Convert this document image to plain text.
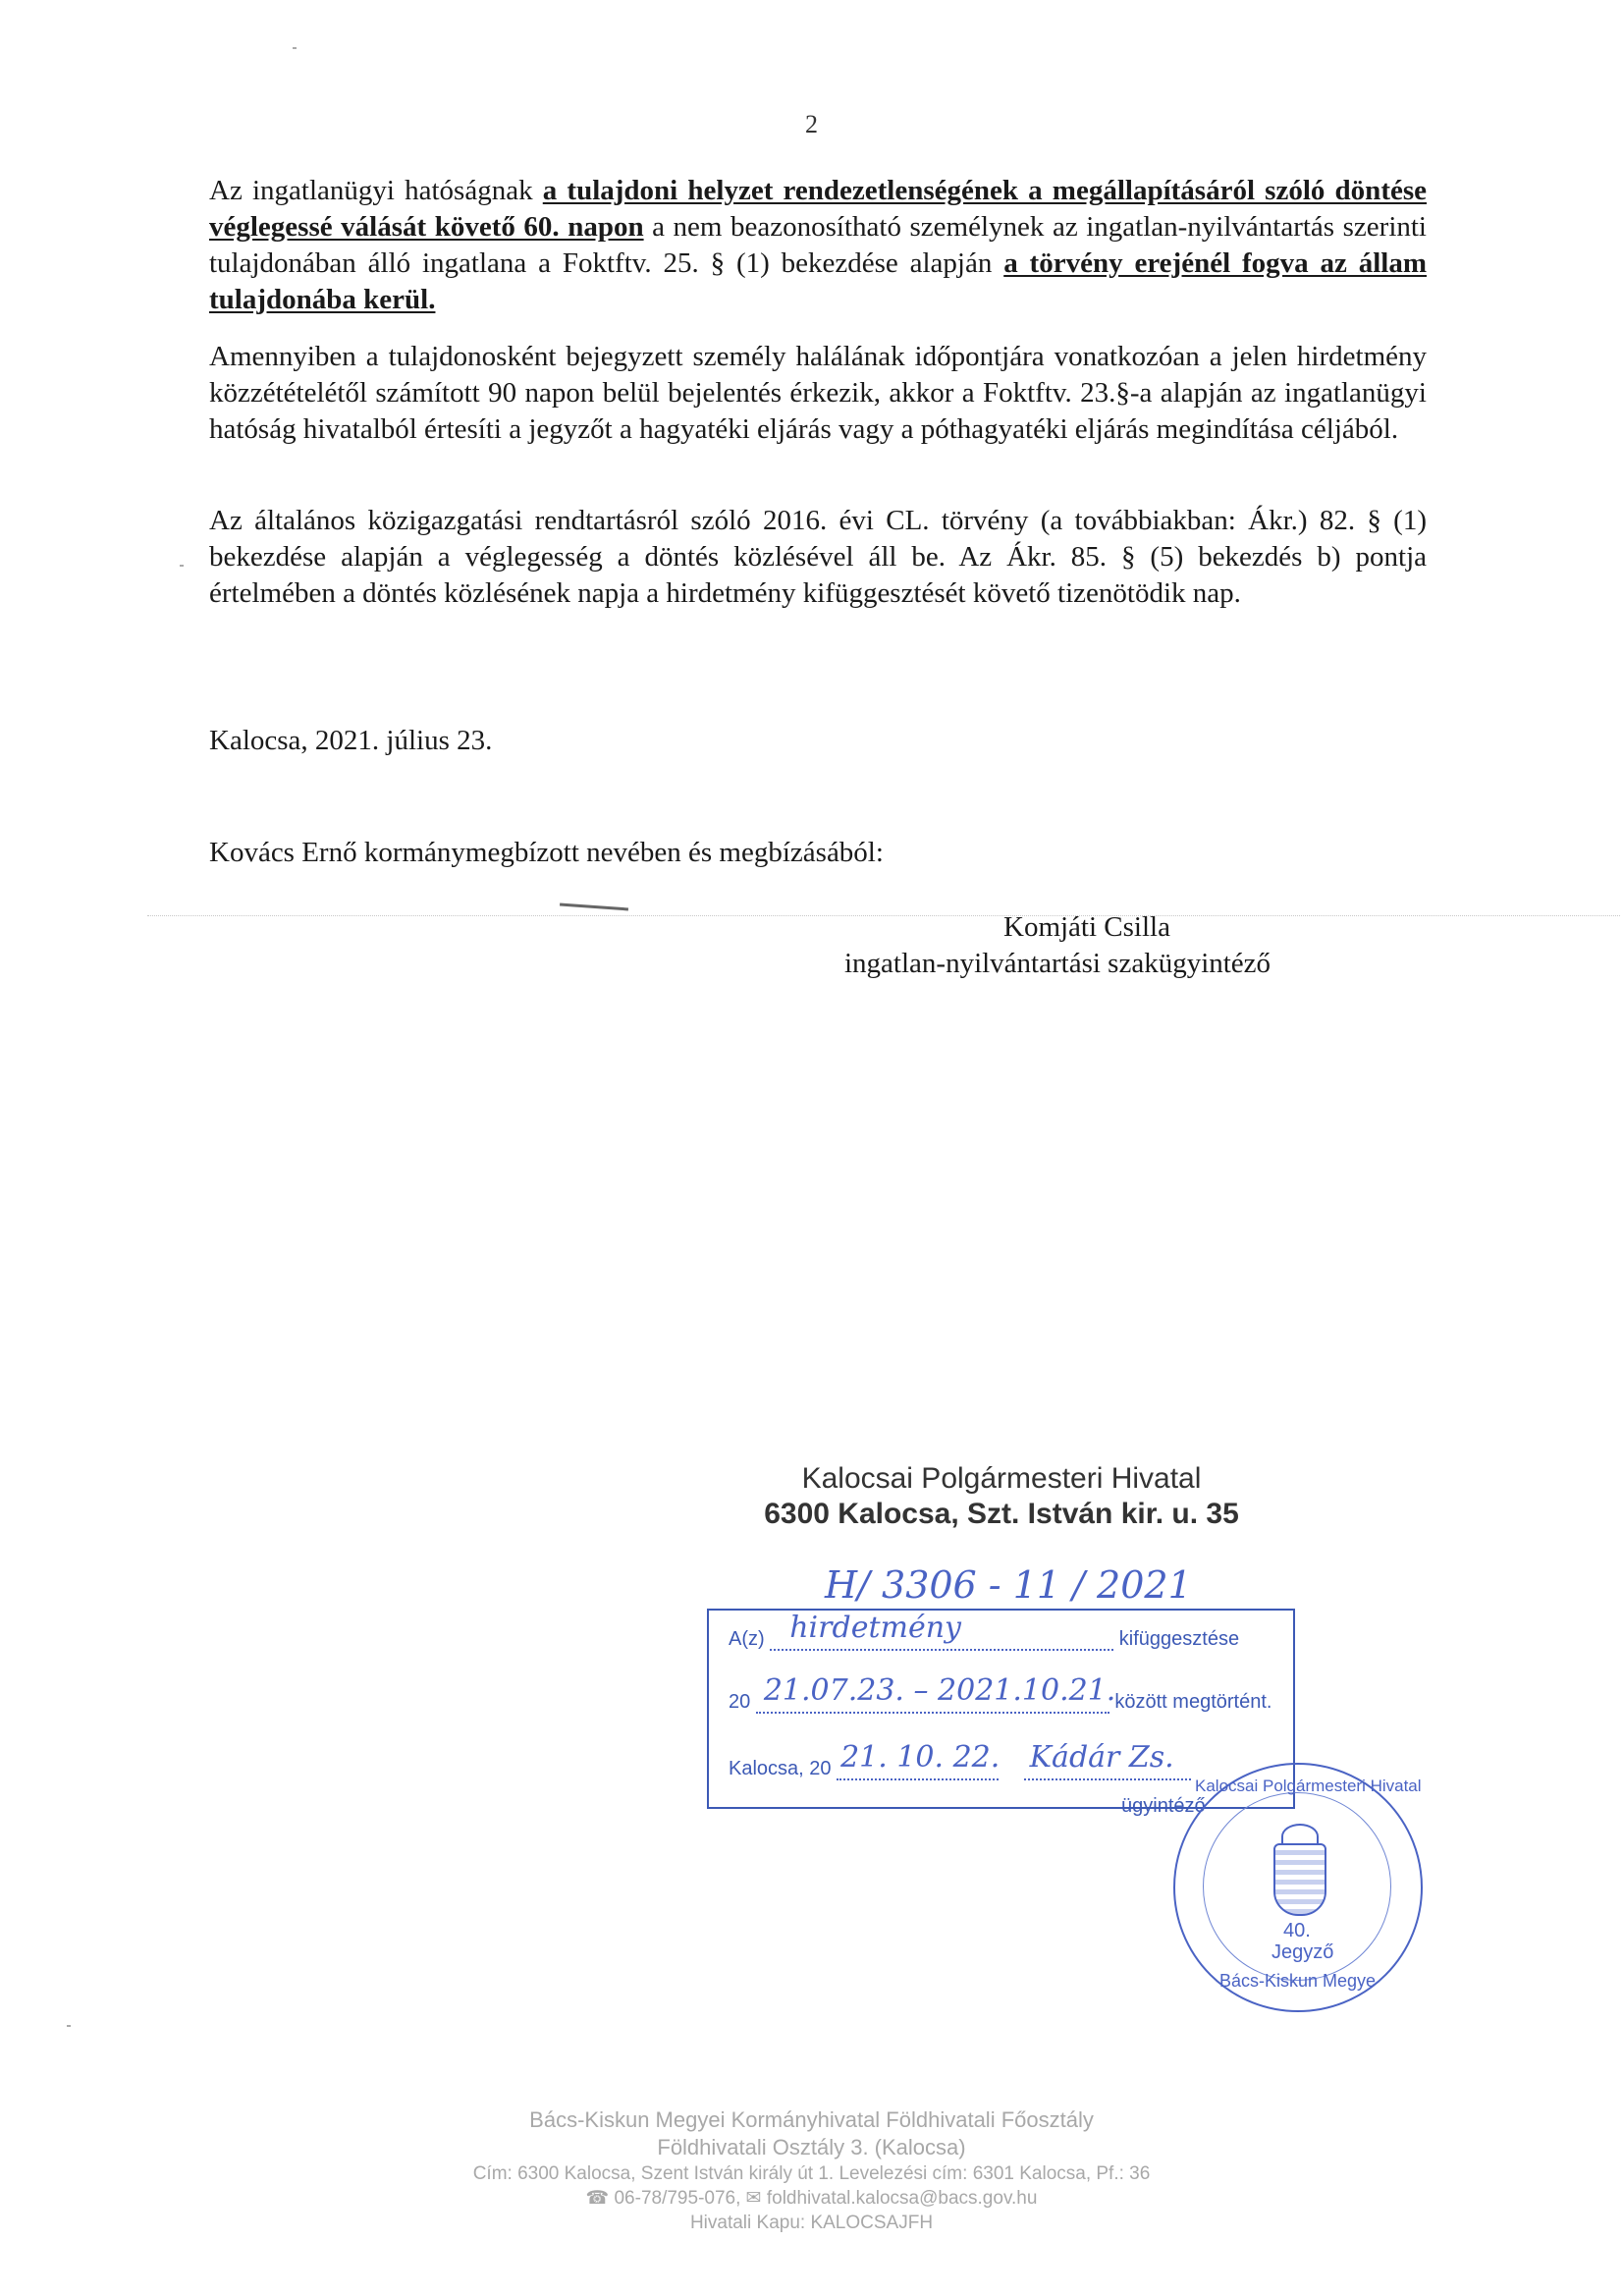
2

Az ingatlanügyi hatóságnak a tulajdoni helyzet rendezetlenségének a megállapításáról szóló döntése véglegessé válását követő 60. napon a nem beazonosítható személynek az ingatlan-nyilvántartás szerinti tulajdonában álló ingatlana a Foktftv. 25. § (1) bekezdése alapján a törvény erejénél fogva az állam tulajdonába kerül.

Amennyiben a tulajdonosként bejegyzett személy halálának időpontjára vonatkozóan a jelen hirdetmény közzétételétől számított 90 napon belül bejelentés érkezik, akkor a Foktftv. 23.§-a alapján az ingatlanügyi hatóság hivatalból értesíti a jegyzőt a hagyatéki eljárás vagy a póthagyatéki eljárás megindítása céljából.

Az általános közigazgatási rendtartásról szóló 2016. évi CL. törvény (a továbbiakban: Ákr.) 82. § (1) bekezdése alapján a véglegesség a döntés közlésével áll be. Az Ákr. 85. § (5) bekezdés b) pontja értelmében a döntés közlésének napja a hirdetmény kifüggesztését követő tizenötödik nap.

Kalocsa, 2021. július 23.
Kovács Ernő kormánymegbízott nevében és megbízásából:
Komjáti Csilla
ingatlan-nyilvántartási szakügyintéző
Kalocsai Polgármesteri Hivatal
6300 Kalocsa, Szt. István kir. u. 35
H/ 3306 - 11 / 2021
A(z) hirdetmény	kifüggesztése
20 21.07.23. – 2021.10.21. között megtörtént.
Kalocsa, 20 21. 10. 22.
Kádár Zs.
ügyintéző
Kalocsai Polgármesteri Hivatal
40.
Jegyző
Bács-Kiskun Megye
Bács-Kiskun Megyei Kormányhivatal Földhivatali Főosztály
Földhivatali Osztály 3. (Kalocsa)
Cím: 6300 Kalocsa, Szent István király út 1. Levelezési cím: 6301 Kalocsa, Pf.: 36
☎ 06-78/795-076, ✉ foldhivatal.kalocsa@bacs.gov.hu
Hivatali Kapu: KALOCSAJFH
